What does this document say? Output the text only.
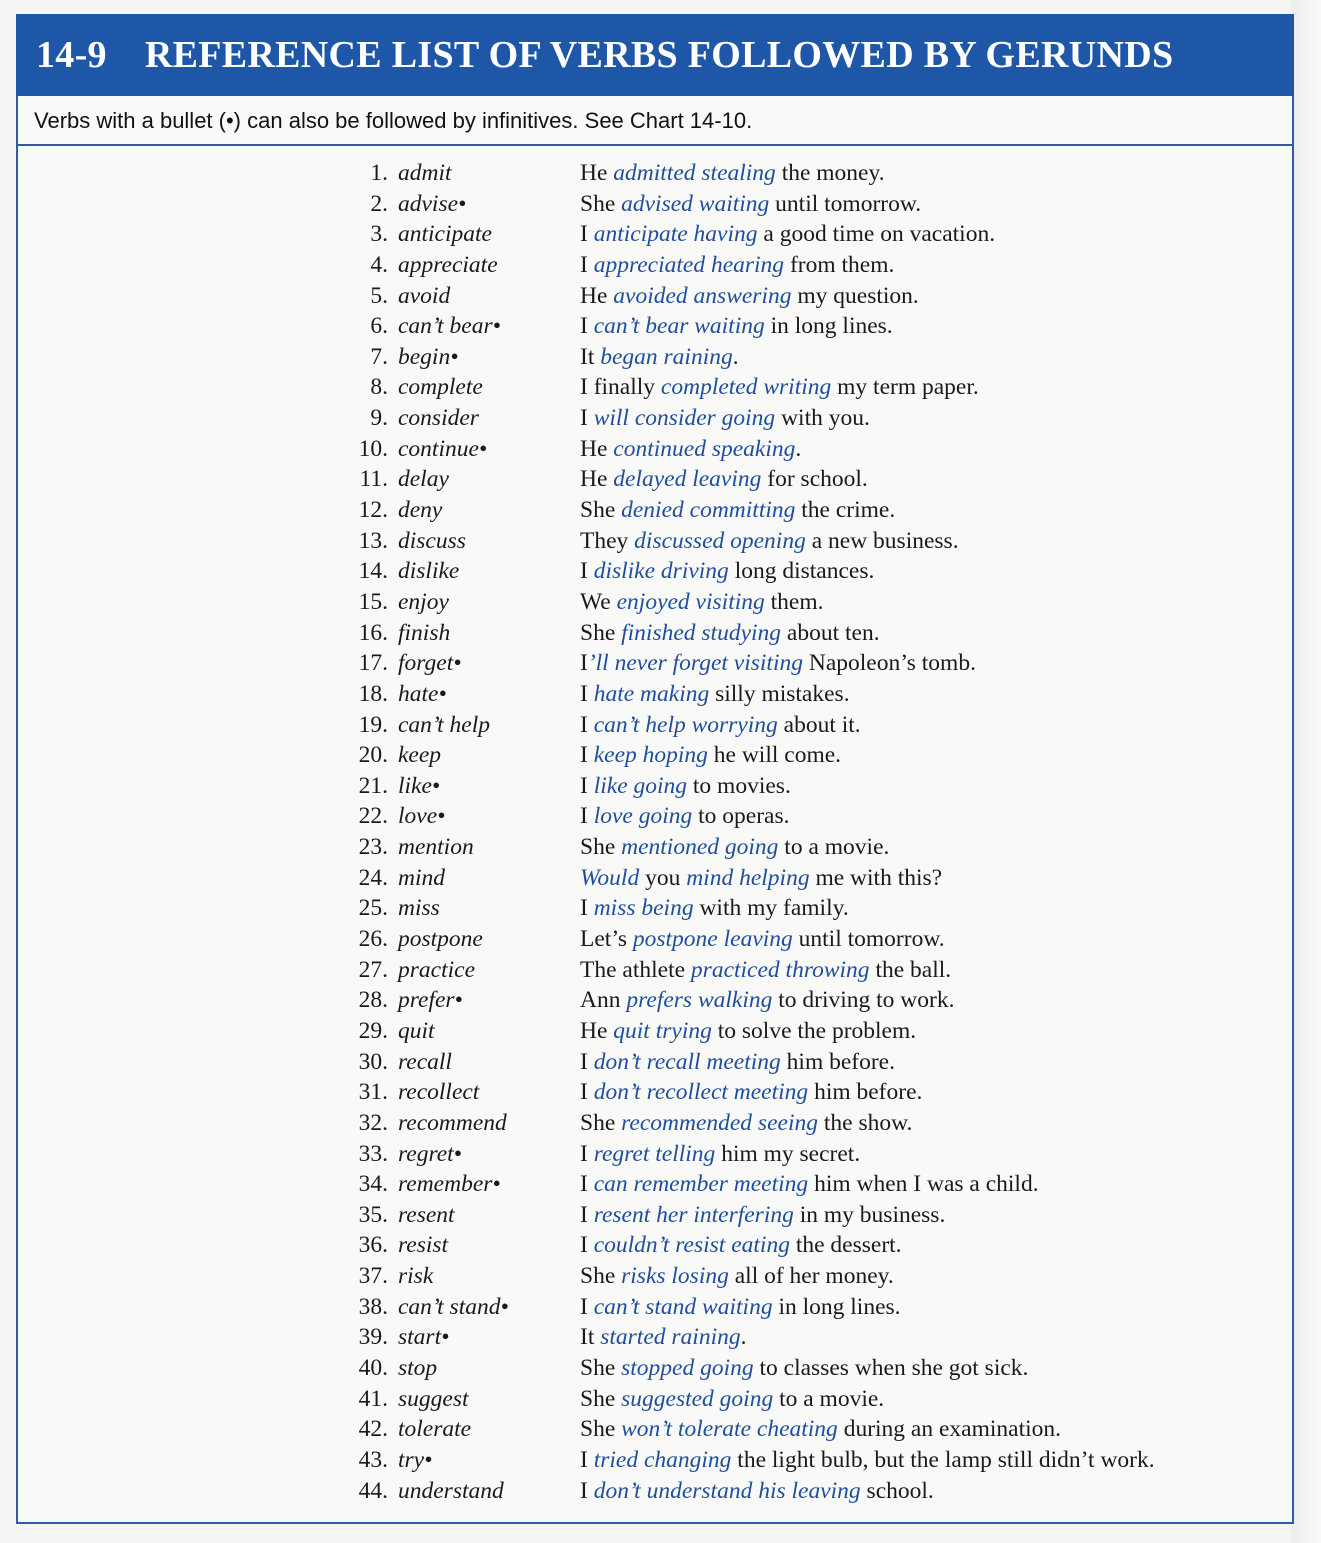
14-9 REFERENCE LIST OF VERBS FOLLOWED BY GERUNDS
Verbs with a bullet (•) can also be followed by infinitives. See Chart 14-10.
1. admit	He admitted stealing the money.
2. advise•	She advised waiting until tomorrow.
3. anticipate	I anticipate having a good time on vacation.
4. appreciate	I appreciated hearing from them.
5. avoid	He avoided answering my question.
6. can’t bear•	I can’t bear waiting in long lines.
7. begin•	It began raining.
8. complete	I finally completed writing my term paper.
9. consider	I will consider going with you.
10. continue•	He continued speaking.
11. delay	He delayed leaving for school.
12. deny	She denied committing the crime.
13. discuss	They discussed opening a new business.
14. dislike	I dislike driving long distances.
15. enjoy	We enjoyed visiting them.
16. finish	She finished studying about ten.
17. forget•	I’ll never forget visiting Napoleon’s tomb.
18. hate•	I hate making silly mistakes.
19. can’t help	I can’t help worrying about it.
20. keep	I keep hoping he will come.
21. like•	I like going to movies.
22. love•	I love going to operas.
23. mention	She mentioned going to a movie.
24. mind	Would you mind helping me with this?
25. miss	I miss being with my family.
26. postpone	Let’s postpone leaving until tomorrow.
27. practice	The athlete practiced throwing the ball.
28. prefer•	Ann prefers walking to driving to work.
29. quit	He quit trying to solve the problem.
30. recall	I don’t recall meeting him before.
31. recollect	I don’t recollect meeting him before.
32. recommend	She recommended seeing the show.
33. regret•	I regret telling him my secret.
34. remember•	I can remember meeting him when I was a child.
35. resent	I resent her interfering in my business.
36. resist	I couldn’t resist eating the dessert.
37. risk	She risks losing all of her money.
38. can’t stand•	I can’t stand waiting in long lines.
39. start•	It started raining.
40. stop	She stopped going to classes when she got sick.
41. suggest	She suggested going to a movie.
42. tolerate	She won’t tolerate cheating during an examination.
43. try•	I tried changing the light bulb, but the lamp still didn’t work.
44. understand	I don’t understand his leaving school.
